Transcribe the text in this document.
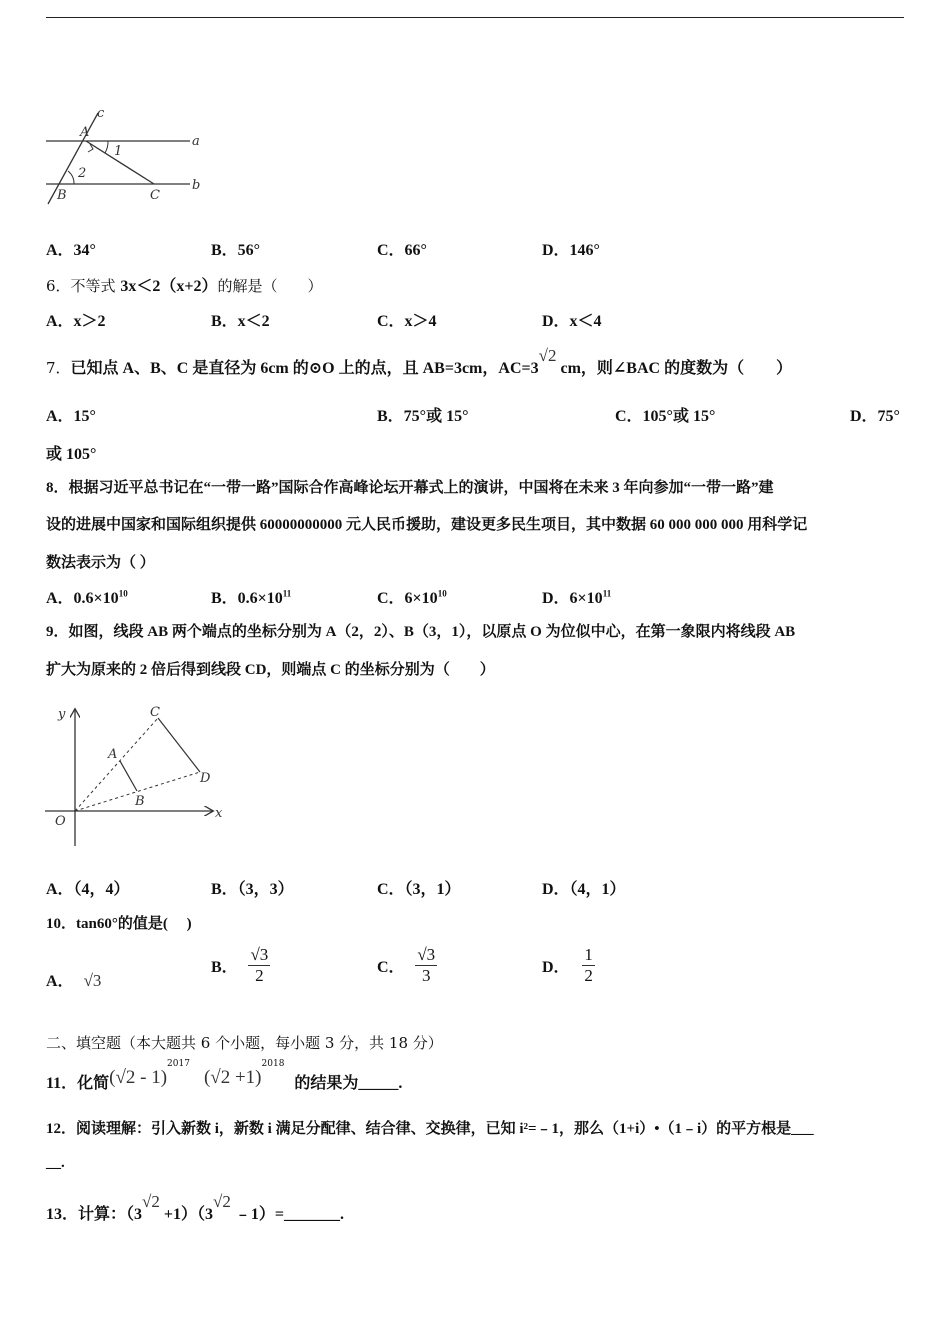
c
A
a
1
2
B	C
b
A．34°	B．56°	C．66°	D．146°
6．不等式 3x＜2（x+2）的解是（　　）
A．x＞2	B．x＜2	C．x＞4	D．x＜4
7．已知点 A、B、C 是直径为 6cm 的⊙O 上的点，且 AB=3cm，AC=3√2 cm，则∠BAC 的度数为（　　）
A．15°	B．75°或 15°	C．105°或 15°	D．75°
或 105°
8．根据习近平总书记在“一带一路”国际合作高峰论坛开幕式上的演讲，中国将在未来 3 年向参加“一带一路”建
设的进展中国家和国际组织提供 60000000000 元人民币援助，建设更多民生项目，其中数据 60 000 000 000 用科学记
数法表示为（ ）
A．$0.6\times 10^{10}$	B．$0.6\times 10^{11}$	C．$6\times 10^{10}$	D．$6\times 10^{11}$
9．如图，线段 AB 两个端点的坐标分别为 A（2，2）、B（3，1），以原点 O 为位似中心，在第一象限内将线段 AB
扩大为原来的 2 倍后得到线段 CD，则端点 C 的坐标分别为（　　）
y
x
O
A
B
C
D
A．（4，4）	B．（3，3）	C．（3，1）	D．（4，1）
10．tan60°的值是(　 )
A． √3
B． $\frac{√3}{2}$	C． $\frac{√3}{3}$	D． $\frac{1}{2}$
二、填空题（本大题共 6 个小题，每小题 3 分，共 18 分）
11．化简$(√2 - 1)^{2017}(√2 +1)^{2018}$的结果为_____.
12．阅读理解：引入新数 i，新数 i 满足分配律、结合律、交换律，已知 i²=﹣1，那么（1+i）•（1﹣i）的平方根是___
__.
13．计算：（3√2 +1）（3√2 ﹣1）=_______.
